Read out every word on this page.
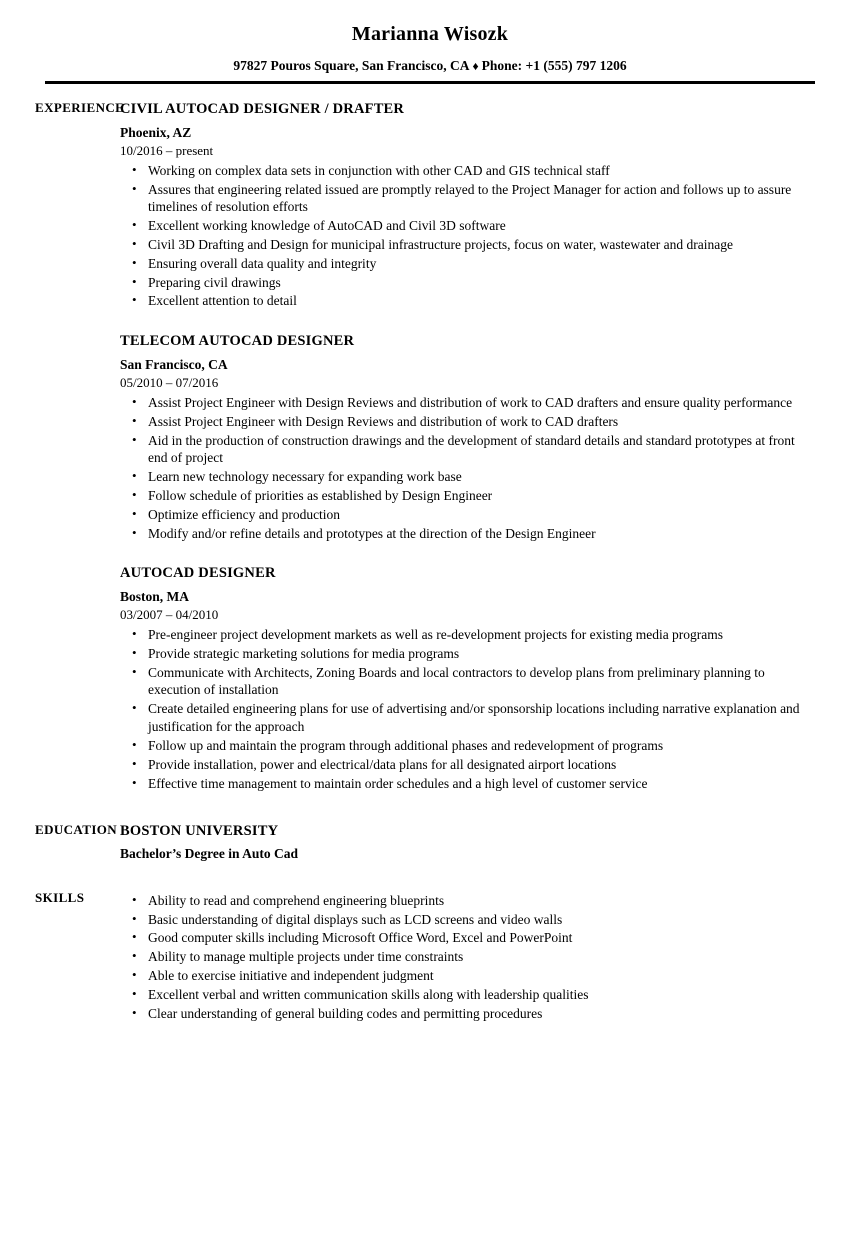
Marianna Wisozk
97827 Pouros Square, San Francisco, CA ♦ Phone: +1 (555) 797 1206
EXPERIENCE
CIVIL AUTOCAD DESIGNER / DRAFTER
Phoenix, AZ
10/2016 – present
• Working on complex data sets in conjunction with other CAD and GIS technical staff
• Assures that engineering related issued are promptly relayed to the Project Manager for action and follows up to assure timelines of resolution efforts
• Excellent working knowledge of AutoCAD and Civil 3D software
• Civil 3D Drafting and Design for municipal infrastructure projects, focus on water, wastewater and drainage
• Ensuring overall data quality and integrity
• Preparing civil drawings
• Excellent attention to detail
TELECOM AUTOCAD DESIGNER
San Francisco, CA
05/2010 – 07/2016
• Assist Project Engineer with Design Reviews and distribution of work to CAD drafters and ensure quality performance
• Assist Project Engineer with Design Reviews and distribution of work to CAD drafters
• Aid in the production of construction drawings and the development of standard details and standard prototypes at front end of project
• Learn new technology necessary for expanding work base
• Follow schedule of priorities as established by Design Engineer
• Optimize efficiency and production
• Modify and/or refine details and prototypes at the direction of the Design Engineer
AUTOCAD DESIGNER
Boston, MA
03/2007 – 04/2010
• Pre-engineer project development markets as well as re-development projects for existing media programs
• Provide strategic marketing solutions for media programs
• Communicate with Architects, Zoning Boards and local contractors to develop plans from preliminary planning to execution of installation
• Create detailed engineering plans for use of advertising and/or sponsorship locations including narrative explanation and justification for the approach
• Follow up and maintain the program through additional phases and redevelopment of programs
• Provide installation, power and electrical/data plans for all designated airport locations
• Effective time management to maintain order schedules and a high level of customer service
EDUCATION BOSTON UNIVERSITY
Bachelor’s Degree in Auto Cad
SKILLS	• Ability to read and comprehend engineering blueprints
• Basic understanding of digital displays such as LCD screens and video walls
• Good computer skills including Microsoft Office Word, Excel and PowerPoint
• Ability to manage multiple projects under time constraints
• Able to exercise initiative and independent judgment
• Excellent verbal and written communication skills along with leadership qualities
• Clear understanding of general building codes and permitting procedures
